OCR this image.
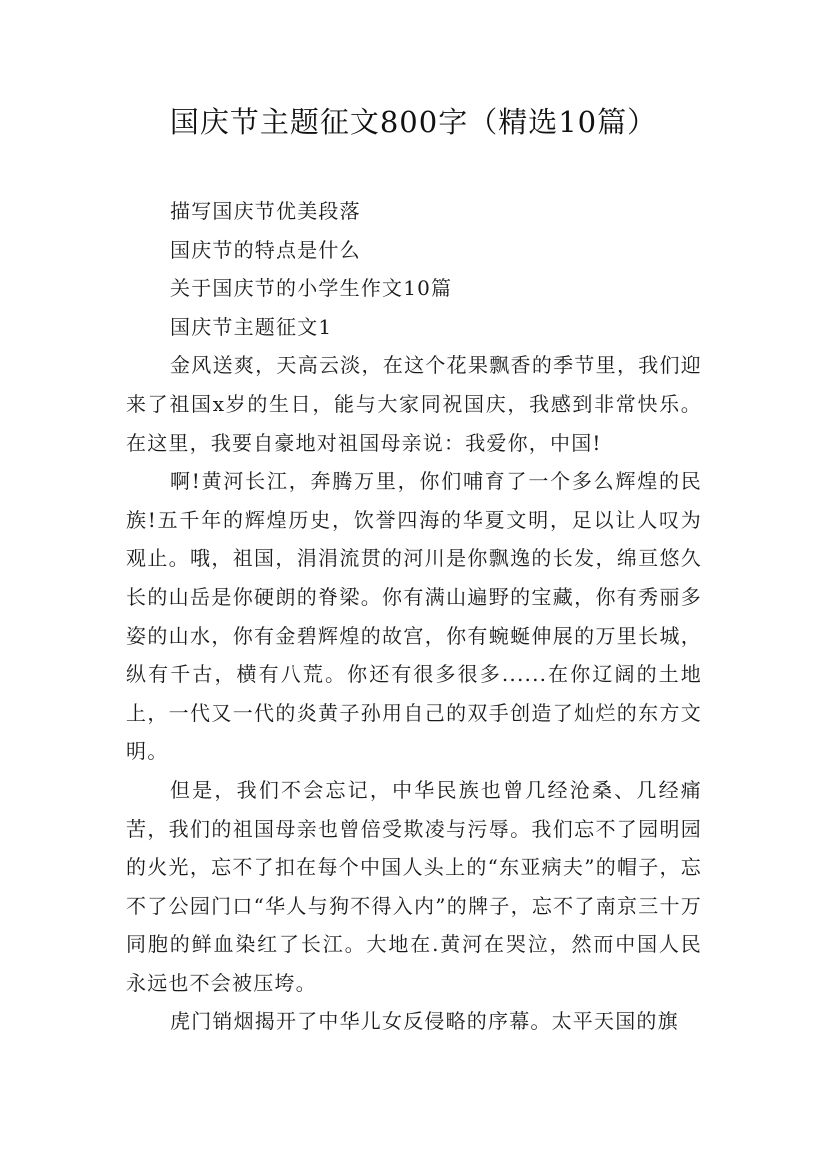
国庆节主题征文800字（精选10篇）

描写国庆节优美段落

国庆节的特点是什么

关于国庆节的小学生作文10篇

国庆节主题征文1

金风送爽，天高云淡，在这个花果飘香的季节里，我们迎来了祖国x岁的生日，能与大家同祝国庆，我感到非常快乐。在这里，我要自豪地对祖国母亲说：我爱你，中国!

啊!黄河长江，奔腾万里，你们哺育了一个多么辉煌的民族!五千年的辉煌历史，饮誉四海的华夏文明，足以让人叹为观止。哦，祖国，涓涓流贯的河川是你飘逸的长发，绵亘悠久长的山岳是你硬朗的脊梁。你有满山遍野的宝藏，你有秀丽多姿的山水，你有金碧辉煌的故宫，你有蜿蜒伸展的万里长城，纵有千古，横有八荒。你还有很多很多......在你辽阔的土地上，一代又一代的炎黄子孙用自己的双手创造了灿烂的东方文明。

但是，我们不会忘记，中华民族也曾几经沧桑、几经痛苦，我们的祖国母亲也曾倍受欺凌与污辱。我们忘不了园明园的火光，忘不了扣在每个中国人头上的“东亚病夫”的帽子，忘不了公园门口“华人与狗不得入内”的牌子，忘不了南京三十万同胞的鲜血染红了长江。大地在.黄河在哭泣，然而中国人民永远也不会被压垮。

虎门销烟揭开了中华儿女反侵略的序幕。太平天国的旗
